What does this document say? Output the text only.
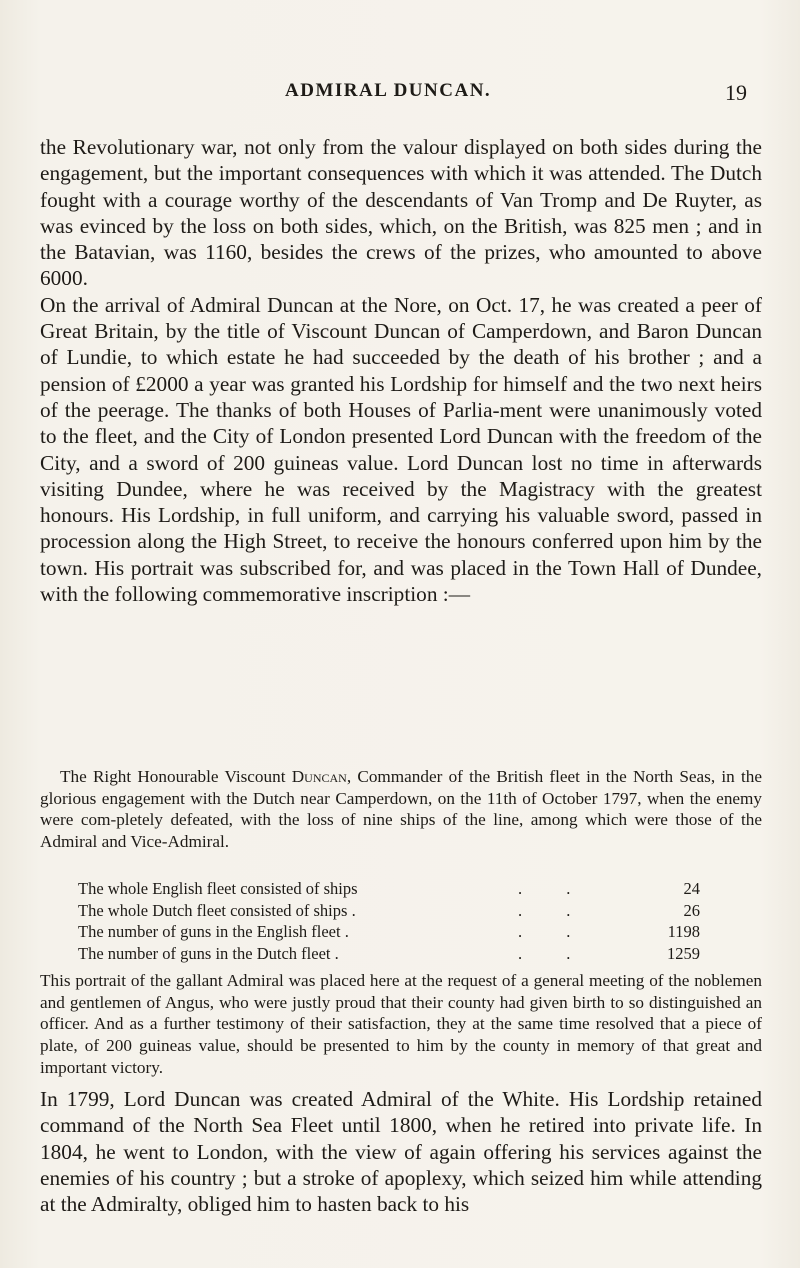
ADMIRAL DUNCAN.	19

the Revolutionary war, not only from the valour displayed on both sides during the engagement, but the important consequences with which it was attended. The Dutch fought with a courage worthy of the descendants of Van Tromp and De Ruyter, as was evinced by the loss on both sides, which, on the British, was 825 men ; and in the Batavian, was 1160, besides the crews of the prizes, who amounted to above 6000.

On the arrival of Admiral Duncan at the Nore, on Oct. 17, he was created a peer of Great Britain, by the title of Viscount Duncan of Camperdown, and Baron Duncan of Lundie, to which estate he had succeeded by the death of his brother ; and a pension of £2000 a year was granted his Lordship for himself and the two next heirs of the peerage. The thanks of both Houses of Parlia-ment were unanimously voted to the fleet, and the City of London presented Lord Duncan with the freedom of the City, and a sword of 200 guineas value. Lord Duncan lost no time in afterwards visiting Dundee, where he was received by the Magistracy with the greatest honours. His Lordship, in full uniform, and carrying his valuable sword, passed in procession along the High Street, to receive the honours conferred upon him by the town. His portrait was subscribed for, and was placed in the Town Hall of Dundee, with the following commemorative inscription :—

The Right Honourable Viscount Duncan, Commander of the British fleet in the North Seas, in the glorious engagement with the Dutch near Camperdown, on the 11th of October 1797, when the enemy were com-pletely defeated, with the loss of nine ships of the line, among which were those of the Admiral and Vice-Admiral.

The whole English fleet consisted of ships	. .	24
The whole Dutch fleet consisted of ships .	. .	26
The number of guns in the English fleet .	. .	1198
The number of guns in the Dutch fleet .	. .	1259

This portrait of the gallant Admiral was placed here at the request of a general meeting of the noblemen and gentlemen of Angus, who were justly proud that their county had given birth to so distinguished an officer. And as a further testimony of their satisfaction, they at the same time resolved that a piece of plate, of 200 guineas value, should be presented to him by the county in memory of that great and important victory.

In 1799, Lord Duncan was created Admiral of the White. His Lordship retained command of the North Sea Fleet until 1800, when he retired into private life. In 1804, he went to London, with the view of again offering his services against the enemies of his country ; but a stroke of apoplexy, which seized him while attending at the Admiralty, obliged him to hasten back to his
